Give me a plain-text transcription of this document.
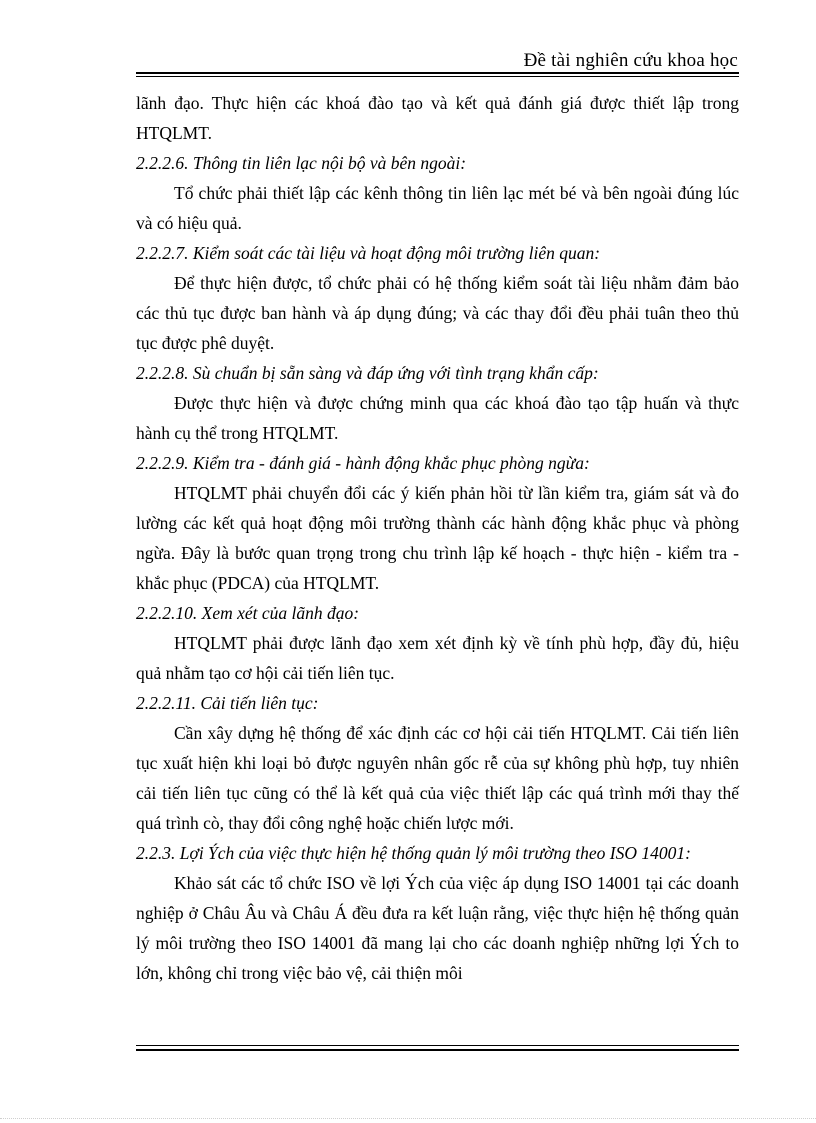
Đề tài nghiên cứu khoa học

lãnh đạo. Thực hiện các khoá đào tạo và kết quả đánh giá được thiết lập trong HTQLMT.

2.2.2.6. Thông tin liên lạc nội bộ và bên ngoài:

Tổ chức phải thiết lập các kênh thông tin liên lạc mét bé và bên ngoài đúng lúc và có hiệu quả.

2.2.2.7. Kiểm soát các tài liệu và hoạt động môi trường liên quan:

Để thực hiện được, tổ chức phải có hệ thống kiểm soát tài liệu nhằm đảm bảo các thủ tục được ban hành và áp dụng đúng; và các thay đổi đều phải tuân theo thủ tục được phê duyệt.

2.2.2.8. Sù chuẩn bị sẵn sàng và đáp ứng với tình trạng khẩn cấp:

Được thực hiện và được chứng minh qua các khoá đào tạo tập huấn và thực hành cụ thể trong HTQLMT.

2.2.2.9. Kiểm tra - đánh giá - hành động khắc phục phòng ngừa:

HTQLMT phải chuyển đổi các ý kiến phản hồi từ lần kiểm tra, giám sát và đo lường các kết quả hoạt động môi trường thành các hành động khắc phục và phòng ngừa. Đây là bước quan trọng trong chu trình lập kế hoạch - thực hiện - kiểm tra - khắc phục (PDCA) của HTQLMT.

2.2.2.10. Xem xét của lãnh đạo:

HTQLMT phải được lãnh đạo xem xét định kỳ về tính phù hợp, đầy đủ, hiệu quả nhằm tạo cơ hội cải tiến liên tục.

2.2.2.11. Cải tiến liên tục:

Cần xây dựng hệ thống để xác định các cơ hội cải tiến HTQLMT. Cải tiến liên tục xuất hiện khi loại bỏ được nguyên nhân gốc rễ của sự không phù hợp, tuy nhiên cải tiến liên tục cũng có thể là kết quả của việc thiết lập các quá trình mới thay thế quá trình cò, thay đổi công nghệ hoặc chiến lược mới.

2.2.3. Lợi Ých của việc thực hiện hệ thống quản lý môi trường theo ISO 14001:

Khảo sát các tổ chức ISO về lợi Ých của việc áp dụng ISO 14001 tại các doanh nghiệp ở Châu Âu và Châu Á đều đưa ra kết luận rằng, việc thực hiện hệ thống quản lý môi trường theo ISO 14001 đã mang lại cho các doanh nghiệp những lợi Ých to lớn, không chỉ trong việc bảo vệ, cải thiện môi
